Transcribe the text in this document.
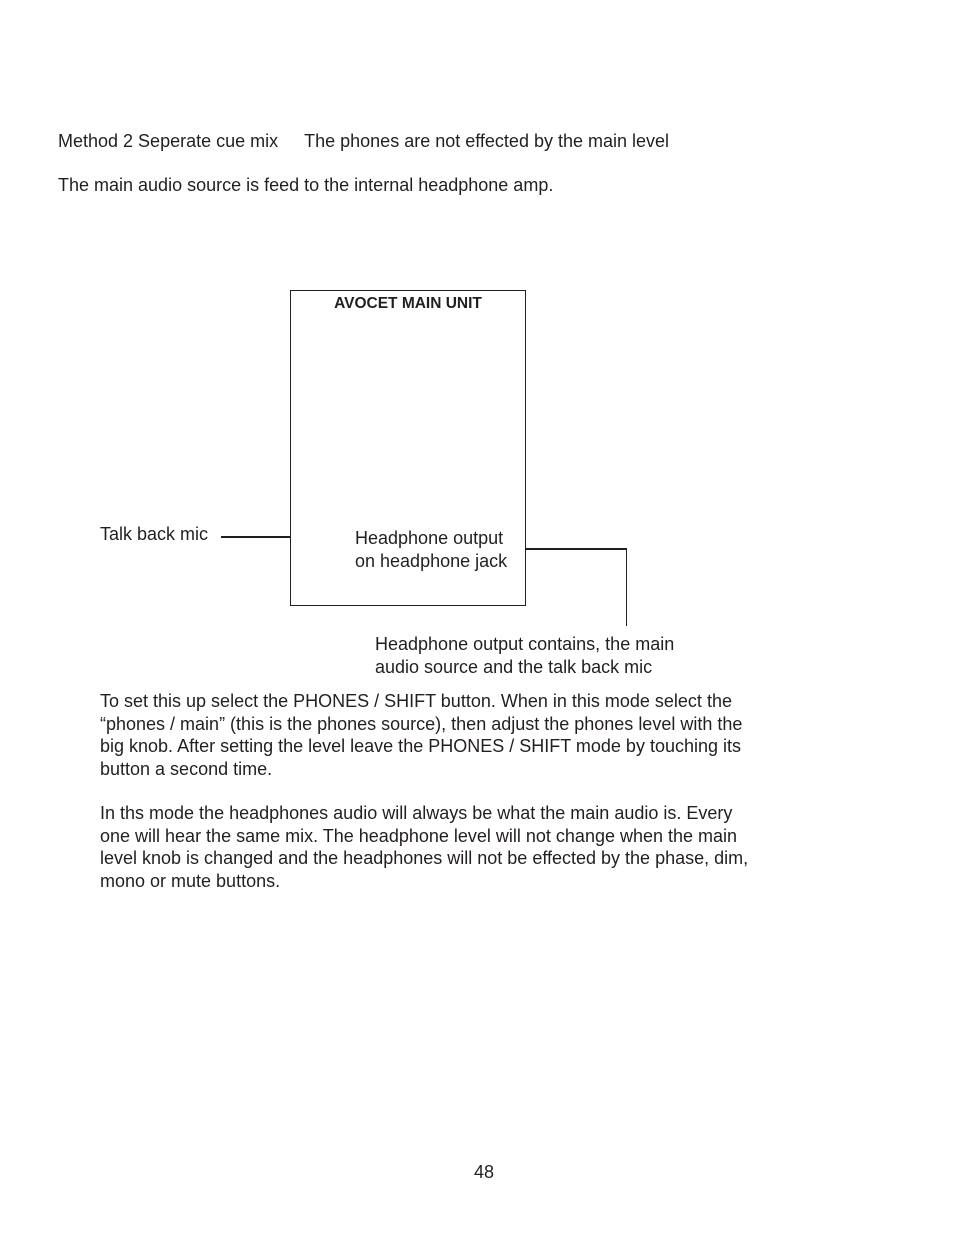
Method 2 Seperate cue mix The phones are not effected by the main level

The main audio source is feed to the internal headphone amp.

AVOCET MAIN UNIT
Headphone output
on headphone jack
Talk back mic
Headphone output contains, the main
audio source and the talk back mic

To set this up select the PHONES / SHIFT button. When in this mode select the
“phones / main” (this is the phones source), then adjust the phones level with the
big knob. After setting the level leave the PHONES / SHIFT mode by touching its
button a second time.

In ths mode the headphones audio will always be what the main audio is. Every
one will hear the same mix. The headphone level will not change when the main
level knob is changed and the headphones will not be effected by the phase, dim,
mono or mute buttons.

48
